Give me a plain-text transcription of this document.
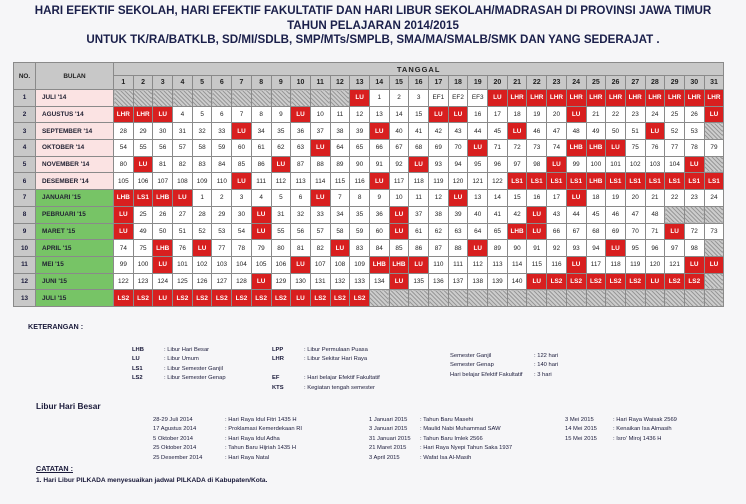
HARI EFEKTIF SEKOLAH, HARI EFEKTIF FAKULTATIF DAN HARI LIBUR SEKOLAH/MADRASAH DI PROVINSI JAWA TIMUR
TAHUN PELAJARAN 2014/2015
UNTUK TK/RA/BATKLB, SD/MI/SDLB, SMP/MTs/SMPLB, SMA/MA/SMALB/SMK DAN YANG SEDERAJAT .
NO.	BULAN	TANGGAL																														
		1	2	3	4	5	6	7	8	9	10	11	12	13	14	15	16	17	18	19	20	21	22	23	24	25	26	27	28	29	30	31
1	JULI '14													LU	1	2	3	EF1	EF2	EF3	LU	LHR	LHR	LHR	LHR	LHR	LHR	LHR	LHR	LHR	LHR	LHR
2	AGUSTUS '14	LHR	LHR	LU	4	5	6	7	8	9	LU	10	11	12	13	14	15	LU	LU	16	17	18	19	20	LU	21	22	23	24	25	26	LU
3	SEPTEMBER '14	28	29	30	31	32	33	LU	34	35	36	37	38	39	LU	40	41	42	43	44	45	LU	46	47	48	49	50	51	LU	52	53	
4	OKTOBER '14	54	55	56	57	58	59	60	61	62	63	LU	64	65	66	67	68	69	70	LU	71	72	73	74	LHB	LHB	LU	75	76	77	78	79
5	NOVEMBER '14	80	LU	81	82	83	84	85	86	LU	87	88	89	90	91	92	LU	93	94	95	96	97	98	LU	99	100	101	102	103	104	LU	
6	DESEMBER '14	105	106	107	108	109	110	LU	111	112	113	114	115	116	LU	117	118	119	120	121	122	LS1	LS1	LS1	LS1	LHB	LS1	LS1	LS1	LS1	LS1	LS1
7	JANUARI '15	LHB	LS1	LHB	LU	1	2	3	4	5	6	LU	7	8	9	10	11	12	LU	13	14	15	16	17	LU	18	19	20	21	22	23	24
8	PEBRUARI '15	LU	25	26	27	28	29	30	LU	31	32	33	34	35	36	LU	37	38	39	40	41	42	LU	43	44	45	46	47	48			
9	MARET '15	LU	49	50	51	52	53	54	LU	55	56	57	58	59	60	LU	61	62	63	64	65	LHB	LU	66	67	68	69	70	71	LU	72	73
10	APRIL '15	74	75	LHB	76	LU	77	78	79	80	81	82	LU	83	84	85	86	87	88	LU	89	90	91	92	93	94	LU	95	96	97	98	
11	MEI '15	99	100	LU	101	102	103	104	105	106	LU	107	108	109	LHB	LHB	LU	110	111	112	113	114	115	116	LU	117	118	119	120	121	LU	LU
12	JUNI '15	122	123	124	125	126	127	128	LU	129	130	131	132	133	134	LU	135	136	137	138	139	140	LU	LS2	LS2	LS2	LS2	LS2	LU	LS2	LS2	
13	JULI '15	LS2	LS2	LU	LS2	LS2	LS2	LS2	LS2	LS2	LU	LS2	LS2	LS2																		
KETERANGAN :
LHB	: Libur Hari Besar
LU	: Libur Umum
LS1	: Libur Semester Ganjil
LS2	: Libur Semester Genap
LPP	: Libur Permulaan Puasa
LHR	: Libur Sekitar Hari Raya
EF	: Hari belajar Efektif Fakultatif
KTS	: Kegiatan tengah semester
Semester Ganjil	: 122 hari
Semester Genap	: 140 hari
Hari belajar Efektif Fakultatif : 3 hari
Libur Hari Besar
28-29 Juli 2014	: Hari Raya Idul Fitri 1435 H
17 Agustus 2014	: Proklamasi Kemerdekaan RI
5 Oktober 2014	: Hari Raya Idul Adha
25 Oktober 2014	: Tahun Baru Hijriah 1435 H
25 Desember 2014	: Hari Raya Natal
1 Januari 2015 : Tahun Baru Masehi
3 Januari 2015 : Maulid Nabi Muhammad SAW
31 Januari 2015 : Tahun Baru Imlek 2566
21 Maret 2015 : Hari Raya Nyepi Tahun Saka 1937
3 April 2015	: Wafat Isa Al-Masih
3 Mei 2015	: Hari Raya Waisak 2569
14 Mei 2015	: Kenaikan Isa Almasih
15 Mei 2015	: Isro' Miroj 1436 H
CATATAN :
1. Hari Libur PILKADA menyesuaikan jadwal PILKADA di Kabupaten/Kota.
